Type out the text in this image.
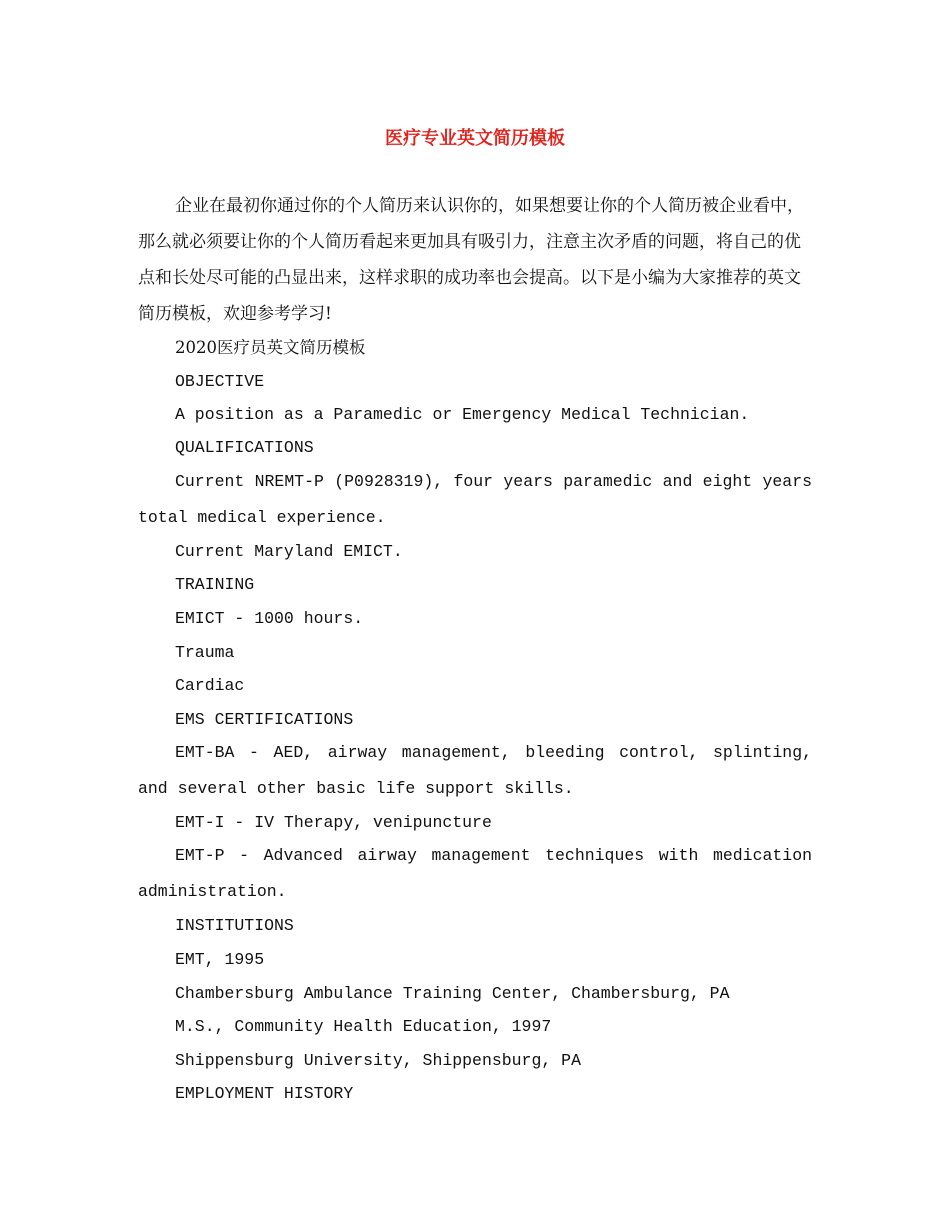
医疗专业英文简历模板
企业在最初你通过你的个人简历来认识你的，如果想要让你的个人简历被企业看中，那么就必须要让你的个人简历看起来更加具有吸引力，注意主次矛盾的问题，将自己的优点和长处尽可能的凸显出来，这样求职的成功率也会提高。以下是小编为大家推荐的英文简历模板，欢迎参考学习!
2020医疗员英文简历模板
OBJECTIVE
A position as a Paramedic or Emergency Medical Technician.
QUALIFICATIONS
Current NREMT-P (P0928319), four years paramedic and eight years total medical experience.
Current Maryland EMICT.
TRAINING
EMICT - 1000 hours.
Trauma
Cardiac
EMS CERTIFICATIONS
EMT-BA - AED, airway management, bleeding control, splinting, and several other basic life support skills.
EMT-I - IV Therapy, venipuncture
EMT-P - Advanced airway management techniques with medication administration.
INSTITUTIONS
EMT, 1995
Chambersburg Ambulance Training Center, Chambersburg, PA
M.S., Community Health Education, 1997
Shippensburg University, Shippensburg, PA
EMPLOYMENT HISTORY
